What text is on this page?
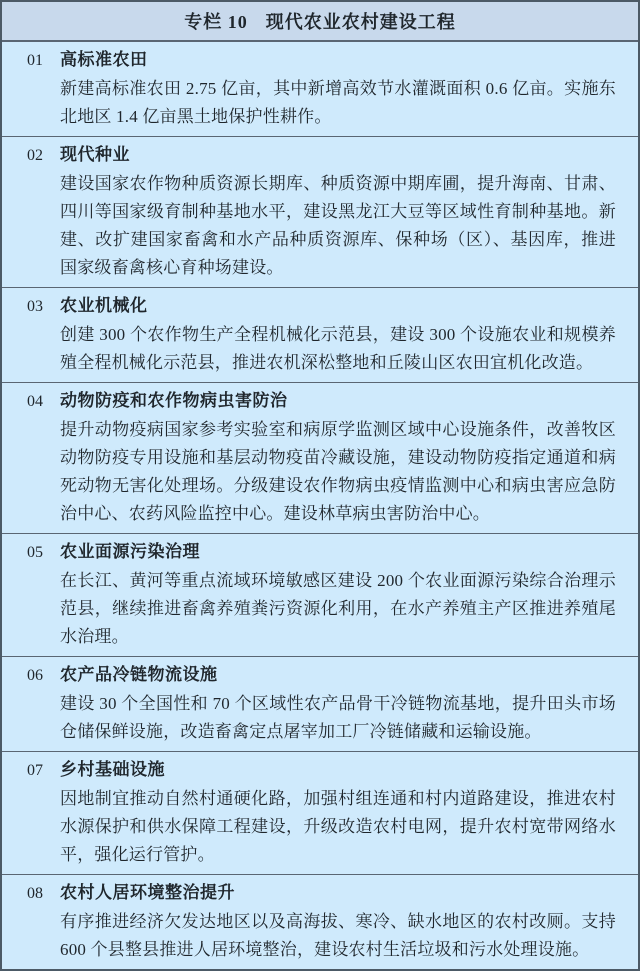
专栏 10 现代农业农村建设工程
01	高标准农田
新建高标准农田 2.75 亿亩，其中新增高效节水灌溉面积 0.6 亿亩。实施东北地区 1.4 亿亩黑土地保护性耕作。
02	现代种业
建设国家农作物种质资源长期库、种质资源中期库圃，提升海南、甘肃、四川等国家级育制种基地水平，建设黑龙江大豆等区域性育制种基地。新建、改扩建国家畜禽和水产品种质资源库、保种场（区）、基因库，推进国家级畜禽核心育种场建设。
03	农业机械化
创建 300 个农作物生产全程机械化示范县，建设 300 个设施农业和规模养殖全程机械化示范县，推进农机深松整地和丘陵山区农田宜机化改造。
04	动物防疫和农作物病虫害防治
提升动物疫病国家参考实验室和病原学监测区域中心设施条件，改善牧区动物防疫专用设施和基层动物疫苗冷藏设施，建设动物防疫指定通道和病死动物无害化处理场。分级建设农作物病虫疫情监测中心和病虫害应急防治中心、农药风险监控中心。建设林草病虫害防治中心。
05	农业面源污染治理
在长江、黄河等重点流域环境敏感区建设 200 个农业面源污染综合治理示范县，继续推进畜禽养殖粪污资源化利用，在水产养殖主产区推进养殖尾水治理。
06	农产品冷链物流设施
建设 30 个全国性和 70 个区域性农产品骨干冷链物流基地，提升田头市场仓储保鲜设施，改造畜禽定点屠宰加工厂冷链储藏和运输设施。
07	乡村基础设施
因地制宜推动自然村通硬化路，加强村组连通和村内道路建设，推进农村水源保护和供水保障工程建设，升级改造农村电网，提升农村宽带网络水平，强化运行管护。
08	农村人居环境整治提升
有序推进经济欠发达地区以及高海拔、寒冷、缺水地区的农村改厕。支持 600 个县整县推进人居环境整治，建设农村生活垃圾和污水处理设施。
